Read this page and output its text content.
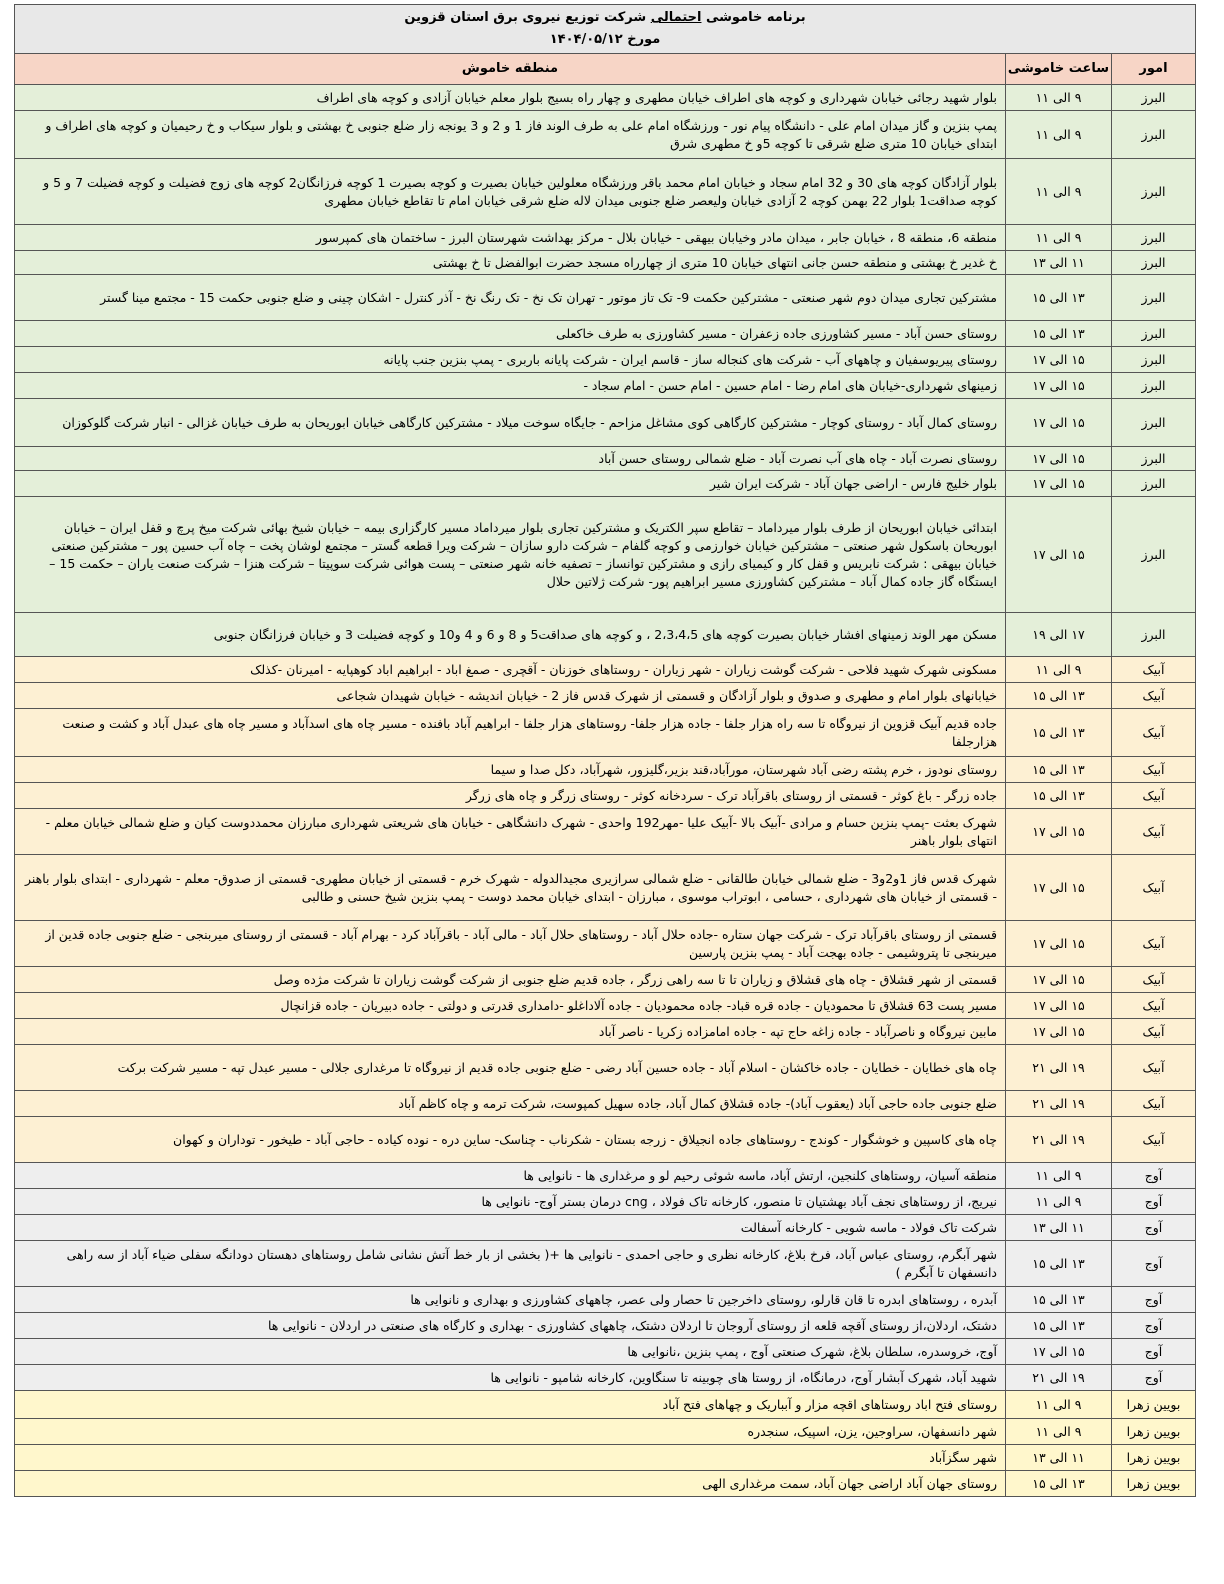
برنامه خاموشی احتمالی شرکت توزیع نیروی برق استان قزوین
مورخ ۱۴۰۴/۰۵/۱۲		

امور	ساعت خاموشی	منطقه خاموش
البرز	۹ الی ۱۱	بلوار شهید رجائی خیابان شهرداری و کوچه های اطراف خیابان مطهری و چهار راه بسیج بلوار معلم خیابان آزادی و کوچه های اطراف
البرز	۹ الی ۱۱	پمپ بنزین و گاز میدان امام علی - دانشگاه پیام نور - ورزشگاه امام علی به طرف الوند فاز 1 و 2 و 3 یونجه زار ضلع جنوبی خ بهشتی و بلوار سیکاب و خ رحیمیان و کوچه های اطراف و ابتدای خیابان 10 متری ضلع شرقی تا کوچه 5و خ مطهری شرق
البرز	۹ الی ۱۱	بلوار آزادگان کوچه های 30 و 32 امام سجاد و خیابان امام محمد باقر ورزشگاه معلولین خیابان بصیرت و کوچه بصیرت 1 کوچه فرزانگان2 کوچه های زوج فضیلت و کوچه فضیلت 7 و 5 و کوچه صداقت1 بلوار 22 بهمن کوچه 2 آزادی خیابان ولیعصر ضلع جنوبی میدان لاله ضلع شرقی خیابان امام تا تقاطع خیابان مطهری
البرز	۹ الی ۱۱	منطقه 6، منطقه 8 ، خیابان جابر ، میدان مادر وخیابان بیهقی - خیابان بلال - مرکز بهداشت شهرستان البرز - ساختمان های کمپرسور
البرز	۱۱ الی ۱۳	خ غدیر خ بهشتی و منطقه حسن جانی انتهای خیابان 10 متری از چهارراه مسجد حضرت ابوالفضل تا خ بهشتی
البرز	۱۳ الی ۱۵	مشترکین تجاری میدان دوم شهر صنعتی - مشترکین حکمت 9- تک تاز موتور - تهران تک نخ - تک رنگ نخ - آذر کنترل - اشکان چینی و ضلع جنوبی حکمت 15 - مجتمع مینا گستر
البرز	۱۳ الی ۱۵	روستای حسن آباد - مسیر کشاورزی جاده زعفران - مسیر کشاورزی به طرف خاکعلی
البرز	۱۵ الی ۱۷	روستای پیریوسفیان و چاههای آب - شرکت های کنجاله ساز - قاسم ایران - شرکت پایانه باربری - پمپ بنزین جنب پایانه
البرز	۱۵ الی ۱۷	زمینهای شهرداری-خیابان های امام رضا - امام حسین - امام حسن - امام سجاد -
البرز	۱۵ الی ۱۷	روستای کمال آباد - روستای کوچار - مشترکین کارگاهی کوی مشاغل مزاحم - جایگاه سوخت میلاد - مشترکین کارگاهی خیابان ابوریحان به طرف خیابان غزالی - انبار شرکت گلوکوزان
البرز	۱۵ الی ۱۷	روستای نصرت آباد - چاه های آب نصرت آباد - ضلع شمالی روستای حسن آباد
البرز	۱۵ الی ۱۷	بلوار خلیج فارس - اراضی جهان آباد - شرکت ایران شیر
البرز	۱۵ الی ۱۷	ابتدائی خیابان ابوریحان از طرف بلوار میرداماد – تقاطع سپر الکتریک و مشترکین تجاری بلوار میرداماد مسیر کارگزاری بیمه – خیابان شیخ بهائی شرکت میخ پرچ و قفل ایران – خیابان ابوریحان باسکول شهر صنعتی – مشترکین خیابان خوارزمی و کوچه گلفام – شرکت دارو سازان – شرکت ویرا قطعه گستر – مجتمع لوشان پخت – چاه آب حسین پور – مشترکین صنعتی خیابان بیهقی : شرکت نابریس و قفل کار و کیمیای رازی و مشترکین توانساز – تصفیه خانه شهر صنعتی – پست هوائی شرکت سوپیتا – شرکت هنزا – شرکت صنعت یاران – حکمت 15 – ایستگاه گاز جاده کمال آباد – مشترکین کشاورزی مسیر ابراهیم پور- شرکت ژلاتین حلال
البرز	۱۷ الی ۱۹	مسکن مهر الوند زمینهای افشار خیابان بصیرت کوچه های 2،3،4،5 ، و کوچه های صداقت5 و 8 و 6 و 4 و10 و کوچه فضیلت 3 و خیابان فرزانگان جنوبی
آبیک	۹ الی ۱۱	مسکونی شهرک شهید فلاحی - شرکت گوشت زیاران - شهر زیاران - روستاهای خوزنان - آقچری - صمغ اباد - ابراهیم اباد کوهپایه - امیرنان -کذلک
آبیک	۱۳ الی ۱۵	خیابانهای بلوار امام و مطهری و صدوق و بلوار آزادگان و قسمتی از شهرک قدس فاز 2 - خیابان اندیشه - خیابان شهیدان شجاعی
آبیک	۱۳ الی ۱۵	جاده قدیم آبیک قزوین از نیروگاه تا سه راه هزار جلفا - جاده هزار جلفا- روستاهای هزار جلفا - ابراهیم آباد بافنده - مسیر چاه های اسدآباد و مسیر چاه های عبدل آباد و کشت و صنعت هزارجلفا
آبیک	۱۳ الی ۱۵	روستای نودوز ، خرم پشته رضی آباد شهرستان، مورآباد،قند بزیر،گلیزور، شهرآباد، دکل صدا و سیما
آبیک	۱۳ الی ۱۵	جاده زرگر - باغ کوثر - قسمتی از روستای باقرآباد ترک - سردخانه کوثر - روستای زرگر و چاه های زرگر
آبیک	۱۵ الی ۱۷	شهرک بعثت -پمپ بنزین حسام و مرادی -آبیک بالا -آبیک علیا -مهر192 واحدی - شهرک دانشگاهی - خیابان های شریعتی شهرداری مبارزان محمددوست کیان و ضلع شمالی خیابان معلم - انتهای بلوار باهنر
آبیک	۱۵ الی ۱۷	شهرک قدس فاز 1و2و3 - ضلع شمالی خیابان طالقانی - ضلع شمالی سرازیری مجیدالدوله - شهرک خرم - قسمتی از خیابان مطهری- قسمتی از صدوق- معلم - شهرداری - ابتدای بلوار باهنر - قسمتی از خیابان های شهرداری ، حسامی ، ابوتراب موسوی ، مبارزان - ابتدای خیابان محمد دوست - پمپ بنزین شیخ حسنی و طالبی
آبیک	۱۵ الی ۱۷	قسمتی از روستای باقرآباد ترک - شرکت جهان ستاره -جاده حلال آباد - روستاهای حلال آباد - مالی آباد - باقرآباد کرد - بهرام آباد - قسمتی از روستای میربنجی - ضلع جنوبی جاده قدین از میربنجی تا پتروشیمی - جاده بهجت آباد - پمپ بنزین پارسین
آبیک	۱۵ الی ۱۷	قسمتی از شهر قشلاق - چاه های قشلاق و زیاران تا تا سه راهی زرگر ، جاده قدیم ضلع جنوبی از شرکت گوشت زیاران تا شرکت مژده وصل
آبیک	۱۵ الی ۱۷	مسیر پست 63 قشلاق تا محمودیان - جاده قره قباد- جاده محمودیان - جاده آلاداغلو -دامداری قدرتی و دولتی - جاده دبیریان - جاده قزانچال
آبیک	۱۵ الی ۱۷	مابین نیروگاه و ناصرآباد - جاده زاغه حاج تپه - جاده امامزاده زکریا - ناصر آباد
آبیک	۱۹ الی ۲۱	چاه های خطایان - خطایان - جاده خاکشان - اسلام آباد - جاده حسین آباد رضی - ضلع جنوبی جاده قدیم از نیروگاه تا مرغداری جلالی - مسیر عبدل تپه - مسیر شرکت برکت
آبیک	۱۹ الی ۲۱	ضلع جنوبی جاده حاجی آباد (یعقوب آباد)- جاده قشلاق کمال آباد، جاده سهیل کمپوست، شرکت ترمه و چاه کاظم آباد
آبیک	۱۹ الی ۲۱	چاه های کاسپین و خوشگوار - کوندج - روستاهای جاده انجیلاق - زرجه بستان - شکرناب - چناسک- ساین دره - نوده کیاده - حاجی آباد - طیخور - توداران و کهوان
آوج	۹ الی ۱۱	منطقه آسیان، روستاهای کلنجین، ارتش آباد، ماسه شوئی رحیم لو و مرغداری ها - نانوایی ها
آوج	۹ الی ۱۱	نیریج، از روستاهای نجف آباد بهشتیان تا منصور، کارخانه تاک فولاد ، cng درمان بستر آوج- نانوایی ها
آوج	۱۱ الی ۱۳	شرکت تاک فولاد - ماسه شویی - کارخانه آسفالت
آوج	۱۳ الی ۱۵	شهر آبگرم، روستای عباس آباد، فرخ بلاغ، کارخانه نظری و حاجی احمدی - نانوایی ها +( بخشی از بار خط آتش نشانی شامل روستاهای دهستان دودانگه سفلی ضیاء آباد از سه راهی دانسفهان تا آبگرم )
آوج	۱۳ الی ۱۵	آبدره ، روستاهای ابدره تا قان قارلو، روستای داخرجین تا حصار ولی عصر، چاههای کشاورزی و بهداری و نانوایی ها
آوج	۱۳ الی ۱۵	دشتک، اردلان،از روستای آقچه قلعه از روستای آروجان تا اردلان دشتک، چاههای کشاورزی - بهداری و کارگاه های صنعتی در اردلان - نانوایی ها
آوج	۱۵ الی ۱۷	آوج، خروسدره، سلطان بلاغ، شهرک صنعتی آوج ، پمپ بنزین ،نانوایی ها
آوج	۱۹ الی ۲۱	شهید آباد، شهرک آبشار آوج، درمانگاه، از روستا های چوبینه تا سنگاوین، کارخانه شامپو - نانوایی ها
بویین زهرا	۹ الی ۱۱	روستای فتح اباد روستاهای اقچه مزار و آبباریک و چهاهای فتح آباد
بویین زهرا	۹ الی ۱۱	شهر دانسفهان، سراوجین، یزن، اسپیک، سنجدره
بویین زهرا	۱۱ الی ۱۳	شهر سگزآباد
بویین زهرا	۱۳ الی ۱۵	روستای جهان آباد اراضی جهان آباد، سمت مرغداری الهی
